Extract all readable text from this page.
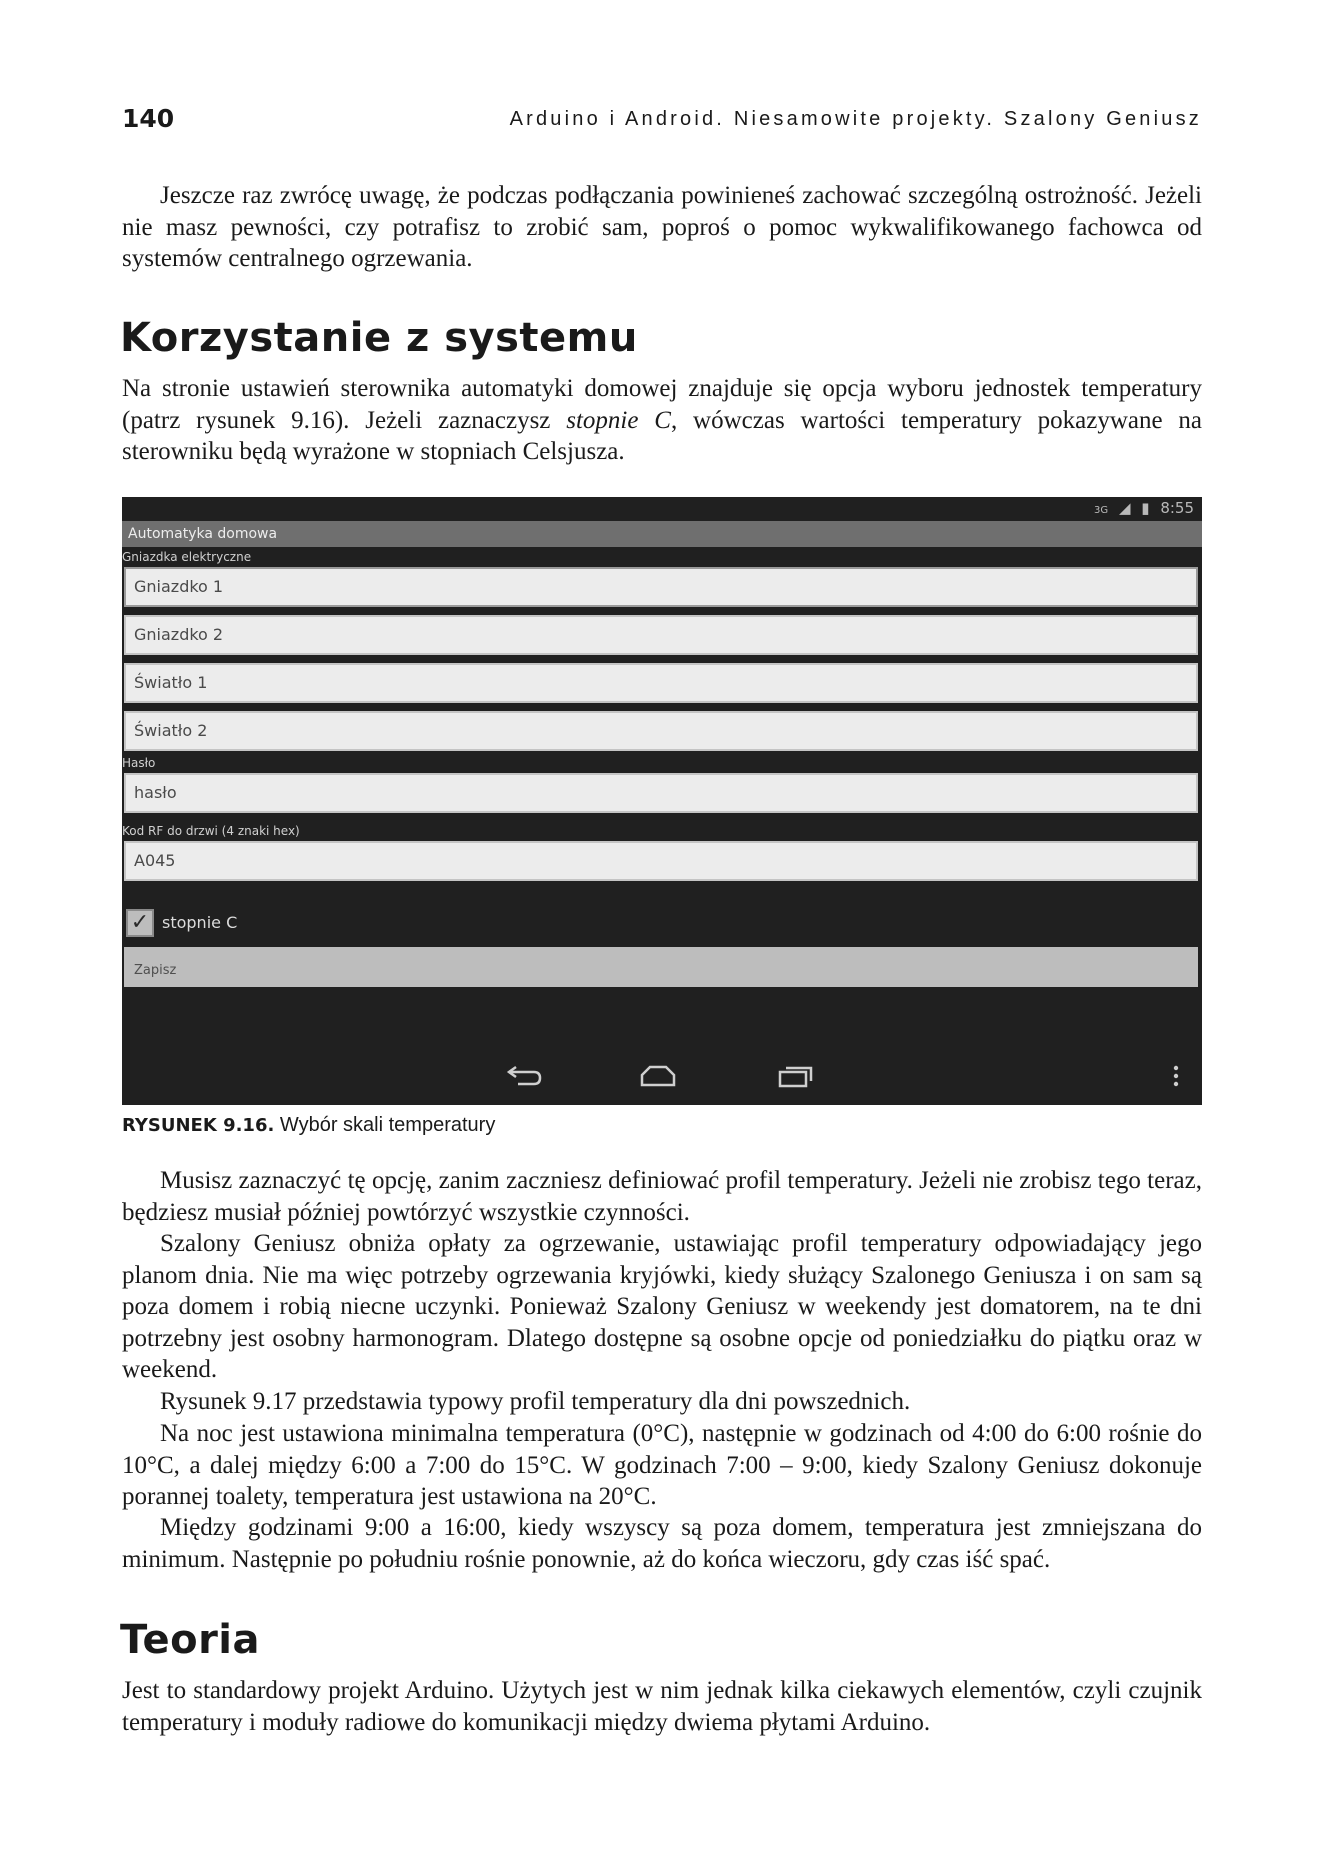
140	Arduino i Android. Niesamowite projekty. Szalony Geniusz

Jeszcze raz zwrócę uwagę, że podczas podłączania powinieneś zachować szczególną ostrożność. Jeżeli nie masz pewności, czy potrafisz to zrobić sam, poproś o pomoc wykwalifikowanego fachowca od systemów centralnego ogrzewania.

Korzystanie z systemu

Na stronie ustawień sterownika automatyki domowej znajduje się opcja wyboru jednostek temperatury (patrz rysunek 9.16). Jeżeli zaznaczysz stopnie C, wówczas wartości temperatury pokazywane na sterowniku będą wyrażone w stopniach Celsjusza.

3G ◢ ▮ 8:55
Automatyka domowa
Gniazdka elektryczne
Gniazdko 1
Gniazdko 2
Światło 1
Światło 2
Hasło
hasło
Kod RF do drzwi (4 znaki hex)
A045
✓ stopnie C
Zapisz
RYSUNEK 9.16. Wybór skali temperatury

Musisz zaznaczyć tę opcję, zanim zaczniesz definiować profil temperatury. Jeżeli nie zrobisz tego teraz, będziesz musiał później powtórzyć wszystkie czynności.

Szalony Geniusz obniża opłaty za ogrzewanie, ustawiając profil temperatury odpowiadający jego planom dnia. Nie ma więc potrzeby ogrzewania kryjówki, kiedy służący Szalonego Geniusza i on sam są poza domem i robią niecne uczynki. Ponieważ Szalony Geniusz w weekendy jest domatorem, na te dni potrzebny jest osobny harmonogram. Dlatego dostępne są osobne opcje od poniedziałku do piątku oraz w weekend.

Rysunek 9.17 przedstawia typowy profil temperatury dla dni powszednich.

Na noc jest ustawiona minimalna temperatura (0°C), następnie w godzinach od 4:00 do 6:00 rośnie do 10°C, a dalej między 6:00 a 7:00 do 15°C. W godzinach 7:00 – 9:00, kiedy Szalony Geniusz dokonuje porannej toalety, temperatura jest ustawiona na 20°C.

Między godzinami 9:00 a 16:00, kiedy wszyscy są poza domem, temperatura jest zmniejszana do minimum. Następnie po południu rośnie ponownie, aż do końca wieczoru, gdy czas iść spać.

Teoria

Jest to standardowy projekt Arduino. Użytych jest w nim jednak kilka ciekawych elementów, czyli czujnik temperatury i moduły radiowe do komunikacji między dwiema płytami Arduino.
